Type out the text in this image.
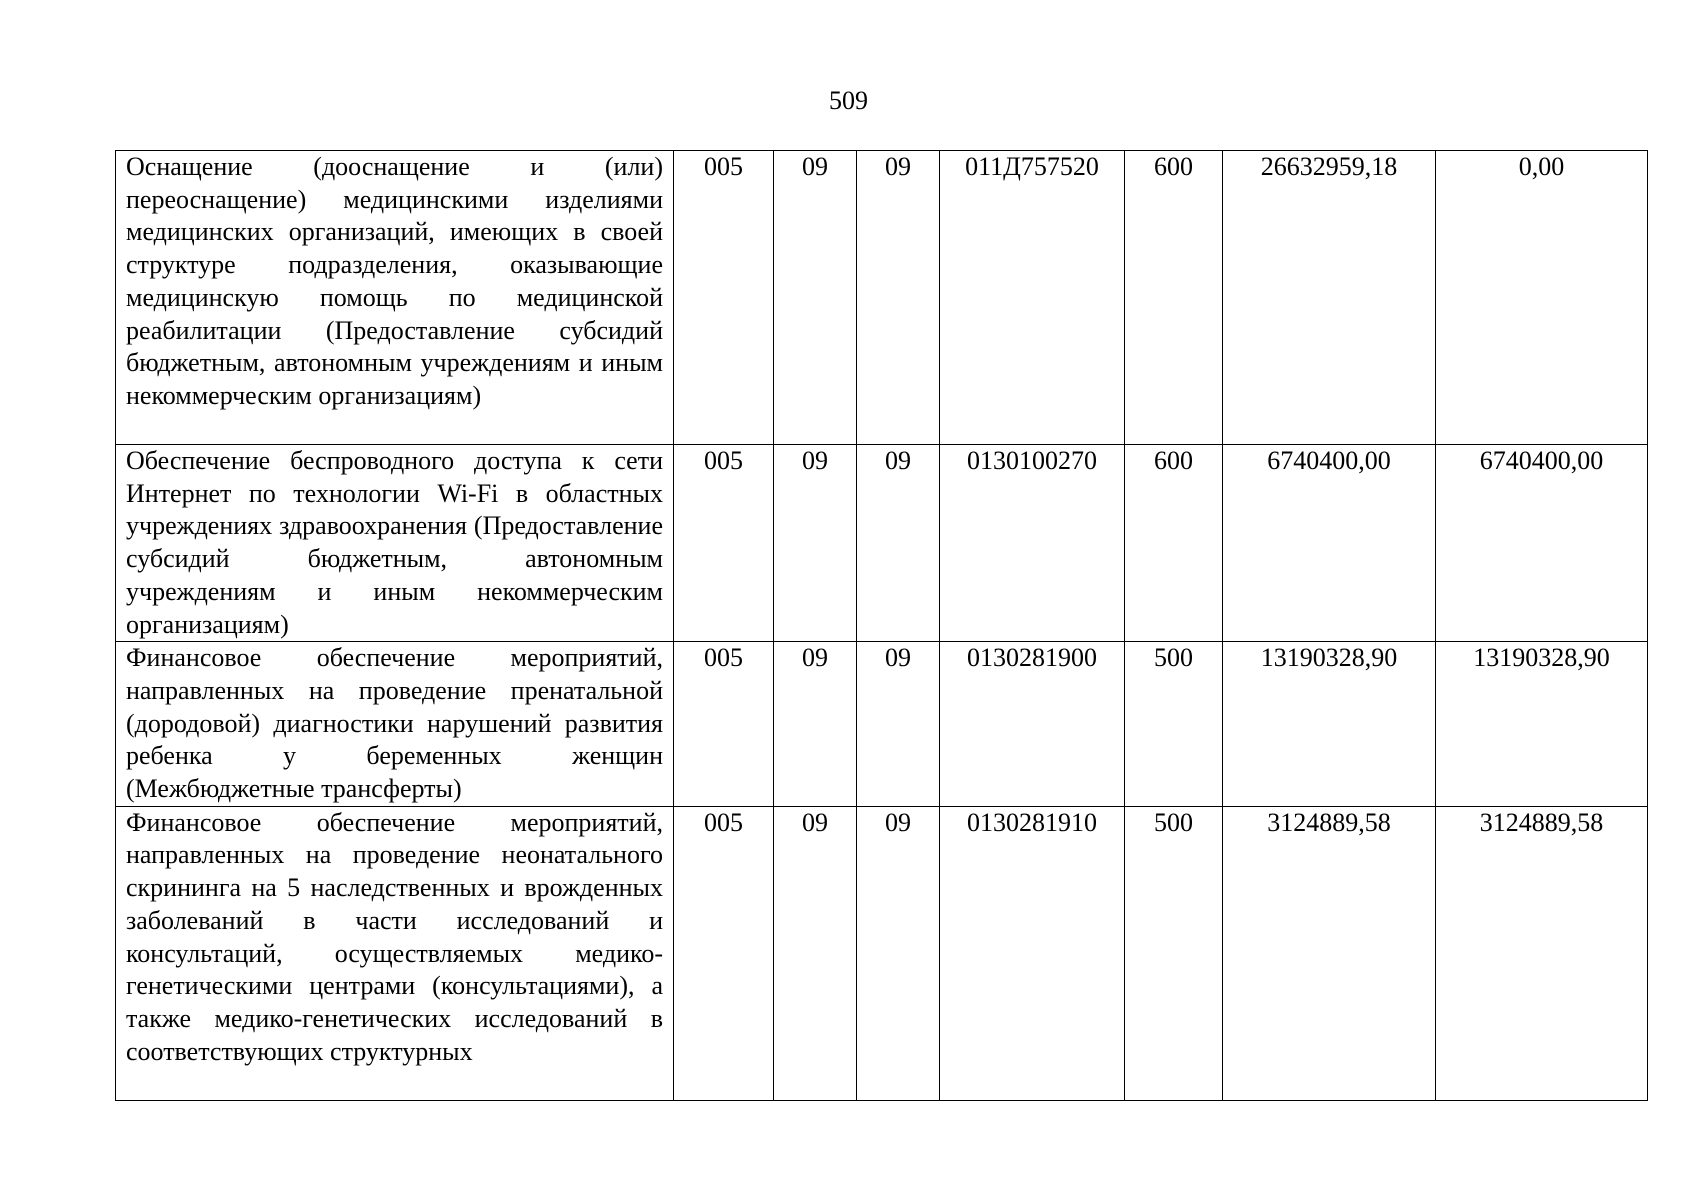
509
Оснащение (дооснащение и (или) переоснащение) медицинскими изделиями медицинских организаций, имеющих в своей структуре подразделения, оказывающие медицинскую помощь по медицинской реабилитации (Предоставление субсидий бюджетным, автономным учреждениям и иным некоммерческим организациям)	005	09	09	011Д757520	600	26632959,18	0,00
Обеспечение беспроводного доступа к сети Интернет по технологии Wi-Fi в областных учреждениях здравоохранения (Предоставление субсидий бюджетным, автономным учреждениям и иным некоммерческим организациям)	005	09	09	0130100270	600	6740400,00	6740400,00
Финансовое обеспечение мероприятий, направленных на проведение пренатальной (дородовой) диагностики нарушений развития ребенка у беременных женщин (Межбюджетные трансферты)	005	09	09	0130281900	500	13190328,90	13190328,90
Финансовое обеспечение мероприятий, направленных на проведение неонатального скрининга на 5 наследственных и врожденных заболеваний в части исследований и консультаций, осуществляемых медико-генетическими центрами (консультациями), а также медико-генетических исследований в соответствующих структурных	005	09	09	0130281910	500	3124889,58	3124889,58
